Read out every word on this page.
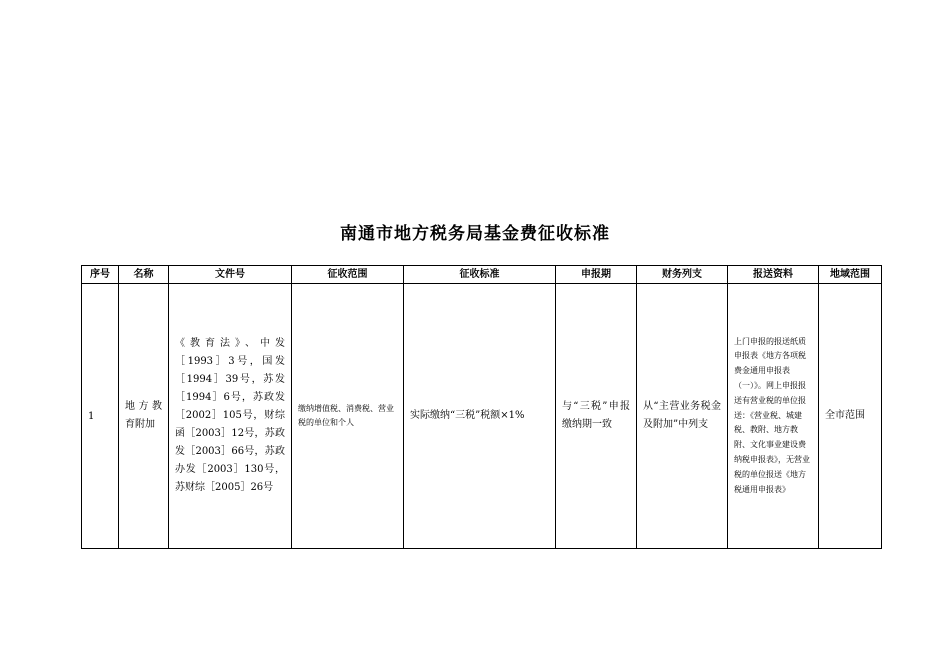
南通市地方税务局基金费征收标准
序号	名称	文件号	征收范围	征收标准	申报期	财务列支	报送资料	地域范围

1	地方教育附加	《教育法》、中发［1993］3号，国发［1994］39号，苏发［1994］6号，苏政发［2002］105号，财综函［2003］12号，苏政发［2003］66号，苏政办发［2003］130号，苏财综［2005］26号	缴纳增值税、消费税、营业税的单位和个人	实际缴纳“三税”税额×1%	与“三税”申报缴纳期一致	从“主营业务税金及附加”中列支	上门申报的报送纸质申报表《地方各项税费金通用申报表（一）》。网上申报报送有营业税的单位报送：《营业税、城建税、教附、地方教附、文化事业建设费纳税申报表》，无营业税的单位报送《地方税通用申报表》	全市范围
